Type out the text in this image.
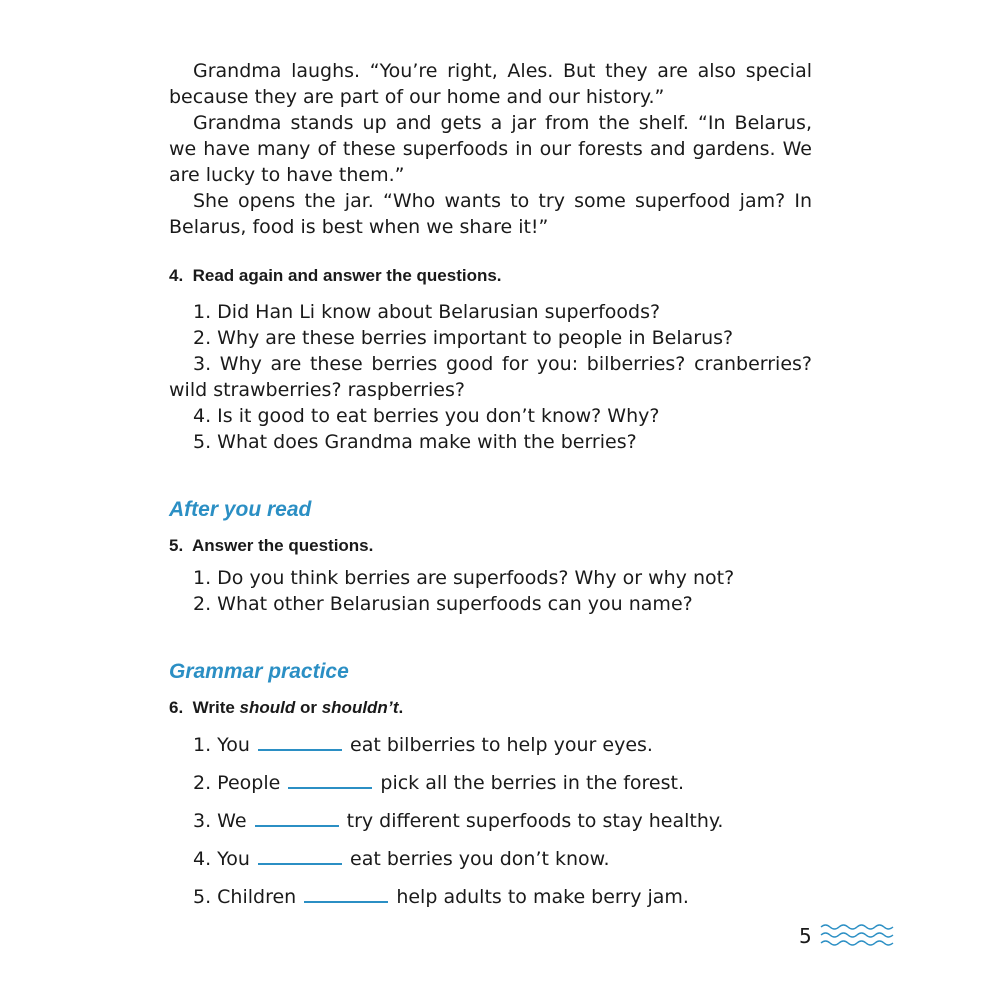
Grandma laughs. “You’re right, Ales. But they are also special because they are part of our home and our history.”

Grandma stands up and gets a jar from the shelf. “In Belarus, we have many of these superfoods in our forests and gardens. We are lucky to have them.”

She opens the jar. “Who wants to try some superfood jam? In Belarus, food is best when we share it!”

4.  Read again and answer the questions.
1. Did Han Li know about Belarusian superfoods?
2. Why are these berries important to people in Belarus?
3. Why are these berries good for you: bilberries? cranberries? wild strawberries? raspberries?
4. Is it good to eat berries you don’t know? Why?
5. What does Grandma make with the berries?
After you read
5.  Answer the questions.
1. Do you think berries are superfoods? Why or why not?
2. What other Belarusian superfoods can you name?
Grammar practice
6.  Write should or shouldn’t.
1. You	eat bilberries to help your eyes.
2. People	pick all the berries in the forest.
3. We	try different superfoods to stay healthy.
4. You	eat berries you don’t know.
5. Children	help adults to make berry jam.
5
